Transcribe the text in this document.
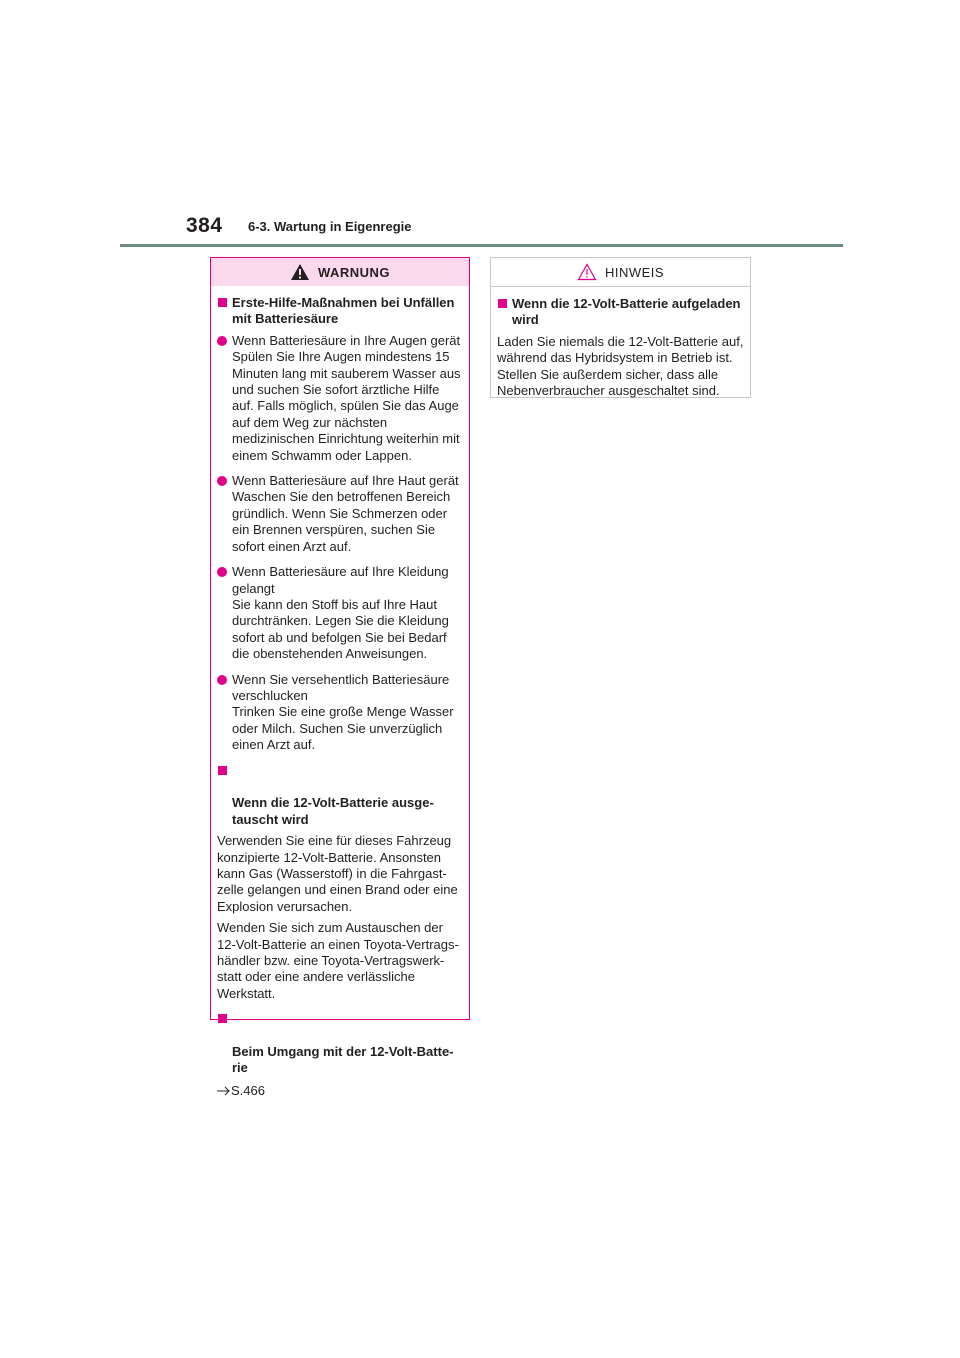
384 6-3. Wartung in Eigenregie
WARNUNG
Erste-Hilfe-Maßnahmen bei Unfällen mit Batteriesäure
Wenn Batteriesäure in Ihre Augen gerät
Spülen Sie Ihre Augen mindestens 15 Minuten lang mit sauberem Wasser aus und suchen Sie sofort ärztliche Hilfe auf. Falls möglich, spülen Sie das Auge auf dem Weg zur nächsten medizinischen Einrichtung weiterhin mit einem Schwamm oder Lappen.
Wenn Batteriesäure auf Ihre Haut gerät
Waschen Sie den betroffenen Bereich gründlich. Wenn Sie Schmerzen oder ein Brennen verspüren, suchen Sie sofort einen Arzt auf.
Wenn Batteriesäure auf Ihre Kleidung gelangt
Sie kann den Stoff bis auf Ihre Haut durchtränken. Legen Sie die Kleidung sofort ab und befolgen Sie bei Bedarf die obenstehenden Anweisungen.
Wenn Sie versehentlich Batteriesäure verschlucken
Trinken Sie eine große Menge Wasser oder Milch. Suchen Sie unverzüglich einen Arzt auf.

Wenn die 12-Volt-Batterie ausge-
tauscht wird

Verwenden Sie eine für dieses Fahrzeug konzipierte 12-Volt-Batterie. Ansonsten kann Gas (Wasserstoff) in die Fahrgast-zelle gelangen und einen Brand oder eine Explosion verursachen.
Wenden Sie sich zum Austauschen der 12-Volt-Batterie an einen Toyota-Vertrags-händler bzw. eine Toyota-Vertragswerk-statt oder eine andere verlässliche Werkstatt.

Beim Umgang mit der 12-Volt-Batte-
rie

S.466
HINWEIS
Wenn die 12-Volt-Batterie aufgeladen wird
Laden Sie niemals die 12-Volt-Batterie auf, während das Hybridsystem in Betrieb ist. Stellen Sie außerdem sicher, dass alle Nebenverbraucher ausgeschaltet sind.
